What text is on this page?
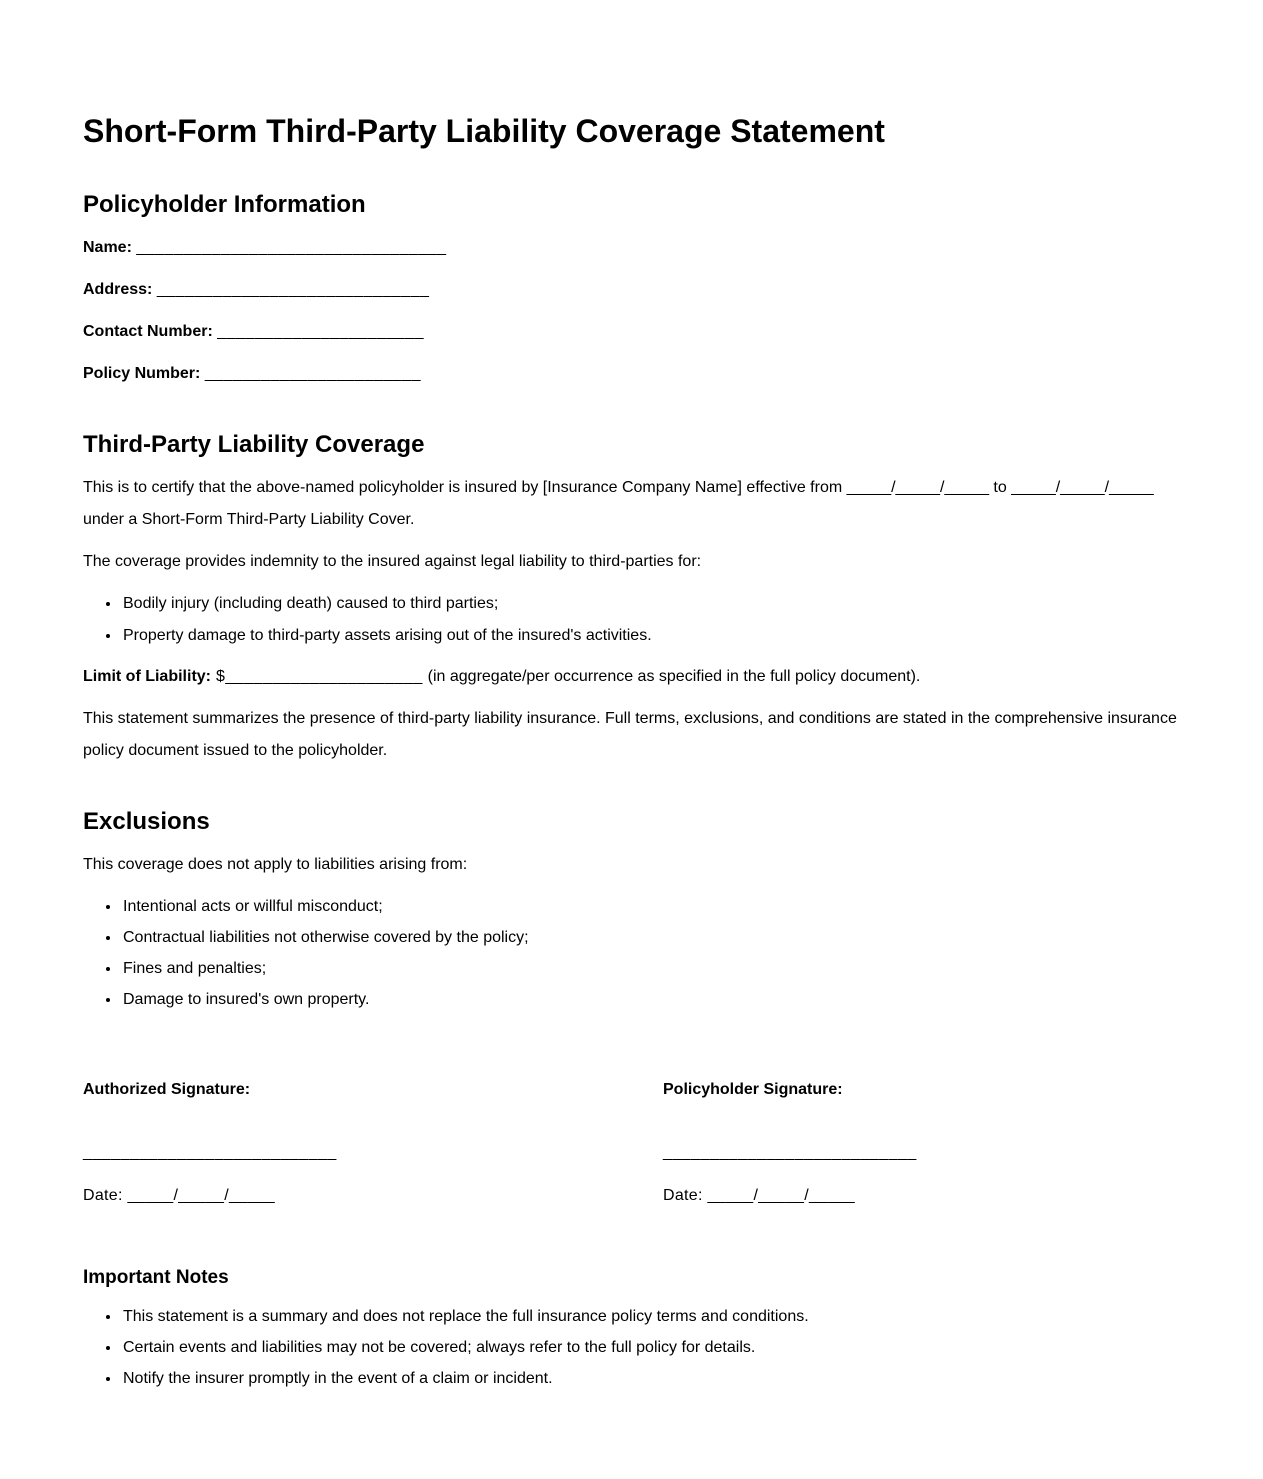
Short-Form Third-Party Liability Coverage Statement
Policyholder Information

Name: _________________________________

Address: _____________________________

Contact Number: ______________________

Policy Number: _______________________

Third-Party Liability Coverage

This is to certify that the above-named policyholder is insured by [Insurance Company Name] effective from _____/_____/_____ to _____/_____/_____ under a Short-Form Third-Party Liability Cover.

The coverage provides indemnity to the insured against legal liability to third-parties for:

• Bodily injury (including death) caused to third parties;
• Property damage to third-party assets arising out of the insured's activities.

Limit of Liability: $_____________________ (in aggregate/per occurrence as specified in the full policy document).

This statement summarizes the presence of third-party liability insurance. Full terms, exclusions, and conditions are stated in the comprehensive insurance policy document issued to the policyholder.

Exclusions

This coverage does not apply to liabilities arising from:

• Intentional acts or willful misconduct;
• Contractual liabilities not otherwise covered by the policy;
• Fines and penalties;
• Damage to insured's own property.

Authorized Signature:

___________________________

Date: _____/_____/_____

Policyholder Signature:

___________________________

Date: _____/_____/_____

Important Notes
• This statement is a summary and does not replace the full insurance policy terms and conditions.
• Certain events and liabilities may not be covered; always refer to the full policy for details.
• Notify the insurer promptly in the event of a claim or incident.
